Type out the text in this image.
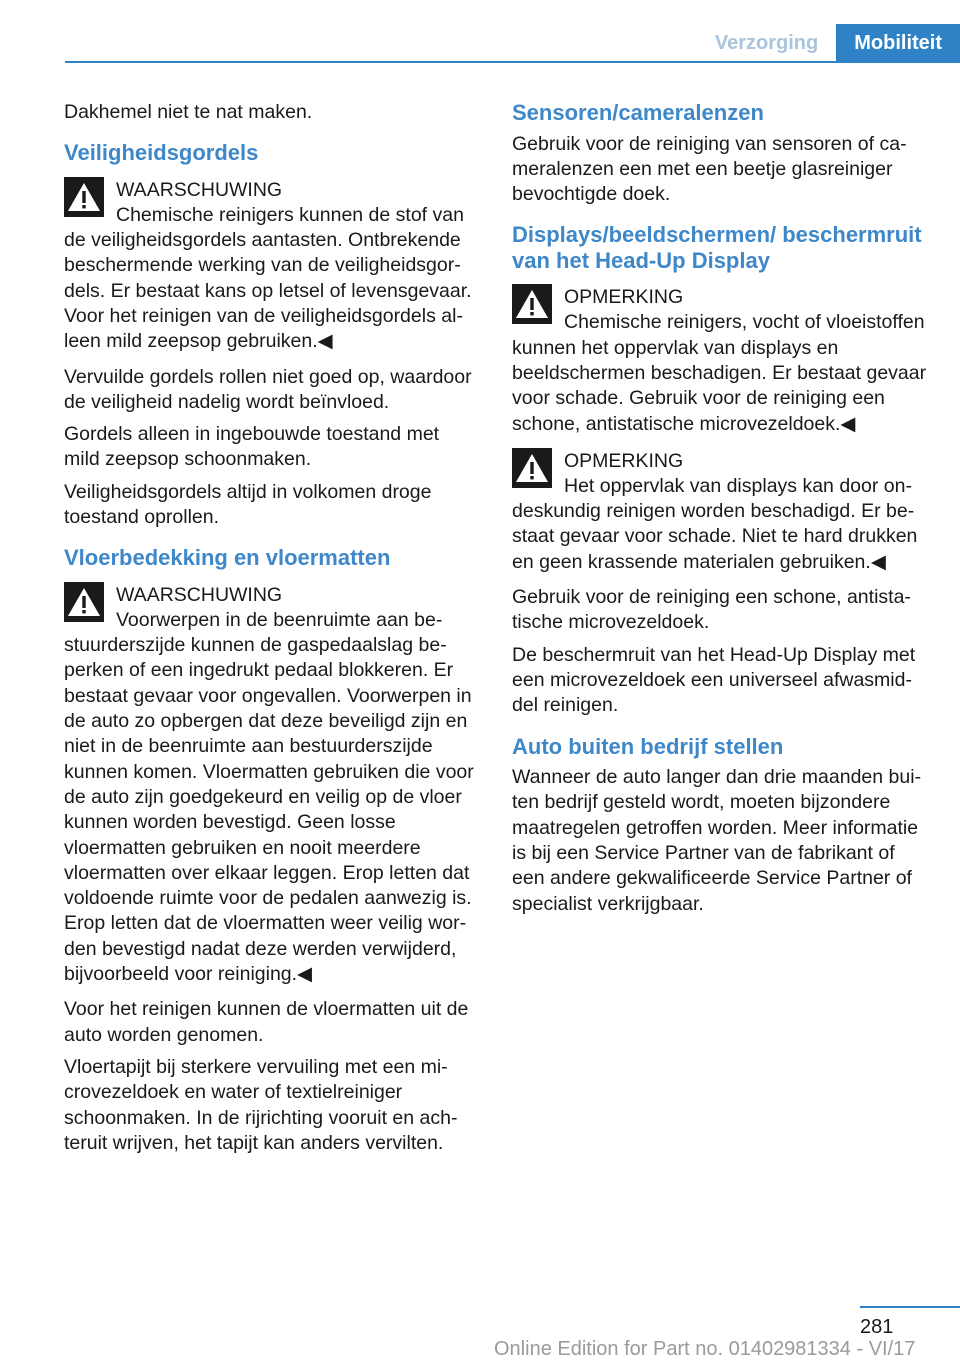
Verzorging	Mobiliteit

Dakhemel niet te nat maken.

Veiligheidsgordels
WAARSCHUWING

Chemische reinigers kunnen de stof van de veiligheidsgordels aantasten. Ontbrekende beschermende werking van de veiligheidsgordels. Er bestaat kans op letsel of levensgevaar. Voor het reinigen van de veiligheidsgordels alleen mild zeepsop gebruiken.◀

Vervuilde gordels rollen niet goed op, waardoor de veiligheid nadelig wordt beïnvloed.

Gordels alleen in ingebouwde toestand met mild zeepsop schoonmaken.

Veiligheidsgordels altijd in volkomen droge toestand oprollen.

Vloerbedekking en vloermatten
WAARSCHUWING

Voorwerpen in de beenruimte aan bestuurderszijde kunnen de gaspedaalslag beperken of een ingedrukt pedaal blokkeren. Er bestaat gevaar voor ongevallen. Voorwerpen in de auto zo opbergen dat deze beveiligd zijn en niet in de beenruimte aan bestuurderszijde kunnen komen. Vloermatten gebruiken die voor de auto zijn goedgekeurd en veilig op de vloer kunnen worden bevestigd. Geen losse vloermatten gebruiken en nooit meerdere vloermatten over elkaar leggen. Erop letten dat voldoende ruimte voor de pedalen aanwezig is. Erop letten dat de vloermatten weer veilig worden bevestigd nadat deze werden verwijderd, bijvoorbeeld voor reiniging.◀

Voor het reinigen kunnen de vloermatten uit de auto worden genomen.

Vloertapijt bij sterkere vervuiling met een microvezeldoek en water of textielreiniger schoonmaken. In de rijrichting vooruit en achteruit wrijven, het tapijt kan anders vervilten.

Sensoren/cameralenzen

Gebruik voor de reiniging van sensoren of cameralenzen een met een beetje glasreiniger bevochtigde doek.

Displays/beeldschermen/ beschermruit van het Head-Up Display
OPMERKING

Chemische reinigers, vocht of vloeistoffen kunnen het oppervlak van displays en beeldschermen beschadigen. Er bestaat gevaar voor schade. Gebruik voor de reiniging een schone, antistatische microvezeldoek.◀

OPMERKING

Het oppervlak van displays kan door ondeskundig reinigen worden beschadigd. Er bestaat gevaar voor schade. Niet te hard drukken en geen krassende materialen gebruiken.◀

Gebruik voor de reiniging een schone, antistatische microvezeldoek.

De beschermruit van het Head-Up Display met een microvezeldoek een universeel afwasmiddel reinigen.

Auto buiten bedrijf stellen

Wanneer de auto langer dan drie maanden buiten bedrijf gesteld wordt, moeten bijzondere maatregelen getroffen worden. Meer informatie is bij een Service Partner van de fabrikant of een andere gekwalificeerde Service Partner of specialist verkrijgbaar.

281
Online Edition for Part no. 01402981334 - VI/17
